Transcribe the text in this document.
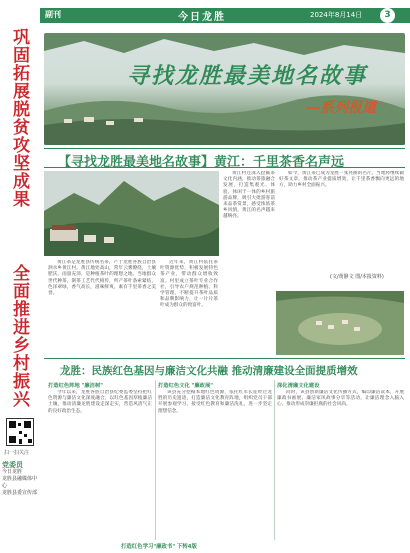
副刊	今日龙胜	2024年8月14日	3
巩固拓展脱贫攻坚成果
全面推进乡村振兴
扫一扫关注
党委员
今日龙胜
龙胜县融媒体中心
龙胜县委宣传部
寻找龙胜最美地名故事
—系列报道
【寻找龙胜最美地名故事】黄江：千里茶香名声远

黄江茶是龙胜县传统名茶，产于龙胜各族自治县泗水乡黄江村。黄江地处高山，常年云雾缭绕，土壤肥沃，雨量充沛，是种植茶叶的理想之地。当地群众世代种茶，制茶工艺代代相传，所产茶叶条索紧结，色泽翠绿，香气高长，滋味鲜爽，素有千里茶香之美誉。

近年来，黄江村依托茶叶资源优势，积极发展特色茶产业，带动群众增收致富。村里成立茶叶专业合作社，引导农户规范种植、科学管理，不断提升茶叶品质和品牌影响力，让一片片茶叶成为群众的致富叶。

黄江村还深入挖掘茶文化内涵，推动茶旅融合发展，打造集观光、体验、休闲于一体的乡村旅游品牌，吸引大批游客前来品茶赏景，感受浓浓茶乡风情，黄江的名声越来越响亮。

如今，黄江茶已成为龙胜一张亮丽的名片。当地将继续做好茶文章，推动茶产业提质增效，让千里茶香飘向更远的地方，助力乡村全面振兴。

(文/黄静文 图/本报资料)
龙胜：民族红色基因与廉洁文化共融 推动清廉建设全面提质增效
打造红色阵地 "廉洁树"	打造红色文化 "廉政展"	深化清廉文化建设

今年以来，龙胜各族自治县纪委监委坚持把红色资源与廉洁文化深度融合，以红色基因厚植廉洁土壤，推动清廉龙胜建设走深走实，营造风清气正的良好政治生态。

该县充分挖掘本地红色资源，依托红军长征经过龙胜的历史遗迹，打造廉洁文化教育阵地，组织党员干部开展参观学习，接受红色教育和廉洁洗礼，进一步坚定理想信念。

同时，该县创新廉洁文化传播方式，编印廉洁读本，开展廉政书画展、廉洁家风故事分享等活动，让廉洁理念入脑入心，推动形成崇廉拒腐的社会风尚。

打造红色学习"廉政书" 下转4版
